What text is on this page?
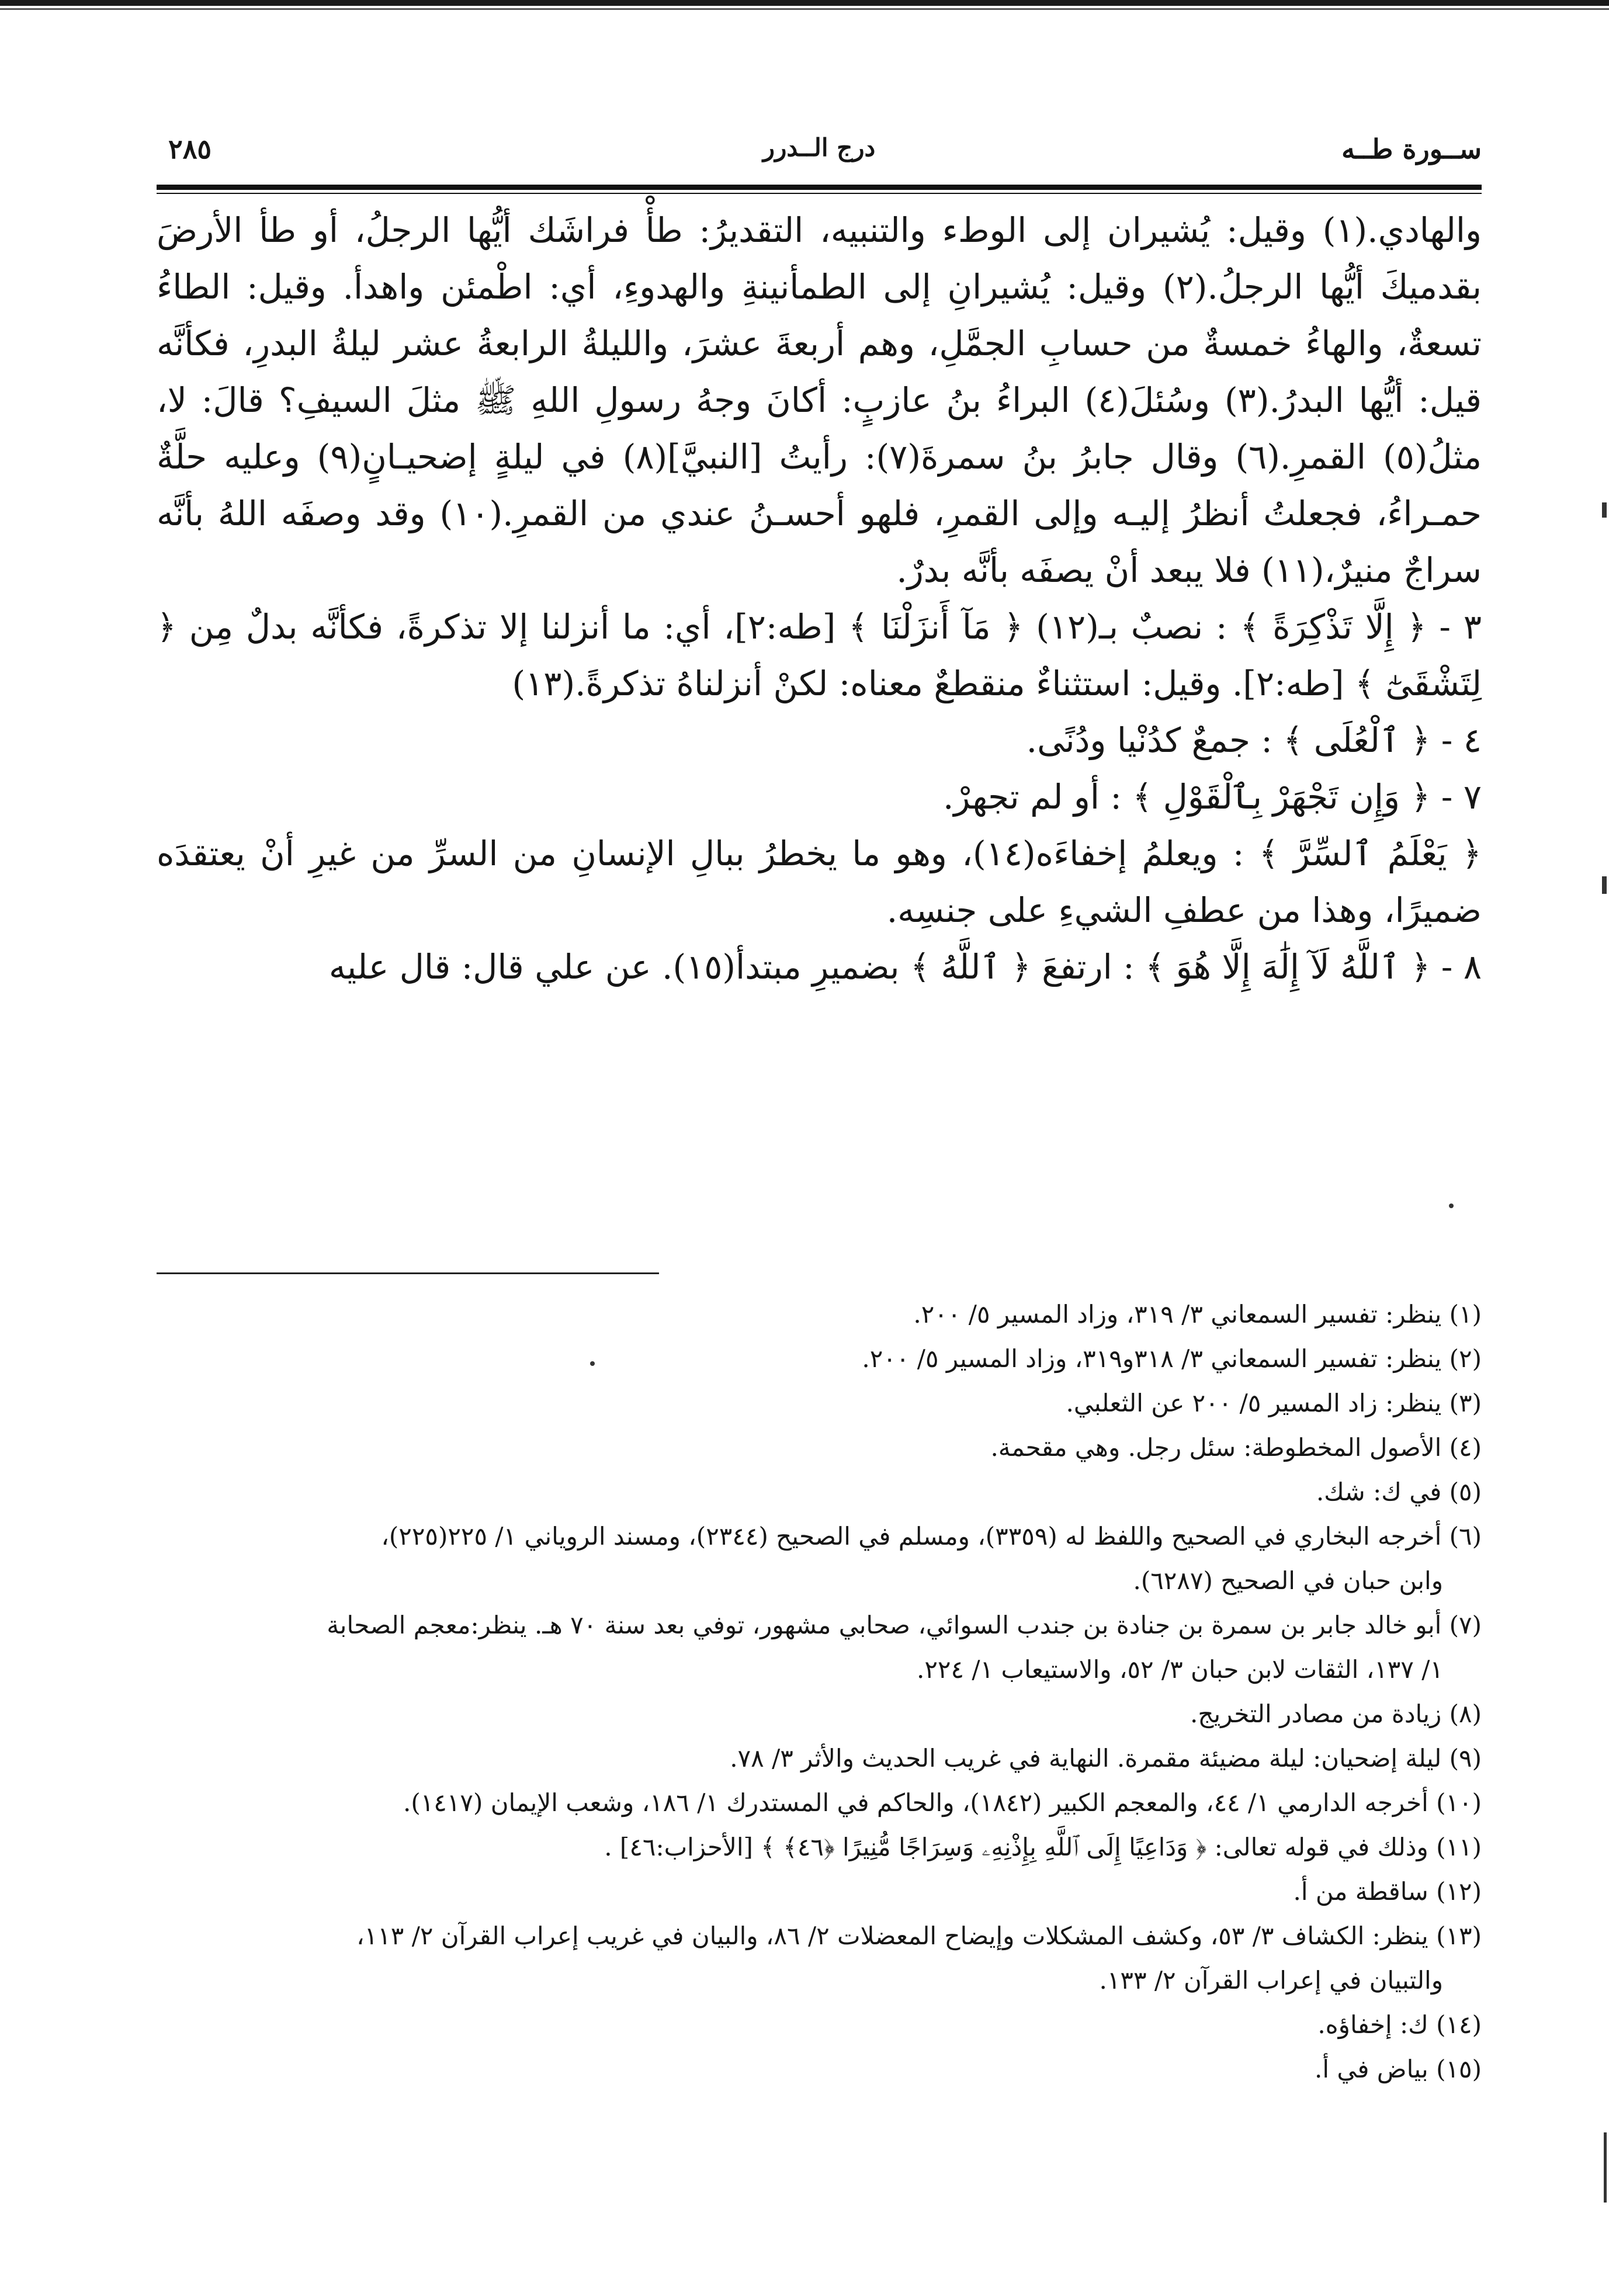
ســورة طــه
درج الــدرر
٢٨٥

والهادي.(١) وقيل: يُشيران إلى الوطء والتنبيه، التقديرُ: طأْ فراشَك أيُّها الرجلُ، أو طأ الأرضَ بقدميكَ أيُّها الرجلُ.(٢) وقيل: يُشيرانِ إلى الطمأنينةِ والهدوءِ، أي: اطْمئن واهدأ. وقيل: الطاءُ تسعةٌ، والهاءُ خمسةٌ من حسابِ الجمَّلِ، وهم أربعةَ عشرَ، والليلةُ الرابعةُ عشر ليلةُ البدرِ، فكأنَّه قيل: أيُّها البدرُ.(٣) وسُئلَ(٤) البراءُ بنُ عازبٍ: أكانَ وجهُ رسولِ اللهِ ﷺ مثلَ السيفِ؟ قالَ: لا، مثلُ(٥) القمرِ.(٦) وقال جابرُ بنُ سمرةَ(٧): رأيتُ [النبيَّ](٨) في ليلةٍ إضحيـانٍ(٩) وعليه حلَّةٌ حمـراءُ، فجعلتُ أنظرُ إليـه وإلى القمرِ، فلهو أحسـنُ عندي من القمرِ.(١٠) وقد وصفَه اللهُ بأنَّه سراجٌ منيرٌ،(١١) فلا يبعد أنْ يصفَه بأنَّه بدرٌ.

٣ - ﴿ إِلَّا تَذْكِرَةً ﴾ : نصبٌ بـ(١٢) ﴿ مَآ أَنزَلْنَا ﴾ [طه:٢]، أي: ما أنزلنا إلا تذكرةً، فكأنَّه بدلٌ مِن ﴿ لِتَشْقَىٰٓ ﴾ [طه:٢]. وقيل: استثناءٌ منقطعٌ معناه: لكنْ أنزلناهُ تذكرةً.(١٣)

٤ - ﴿ ٱلْعُلَى ﴾ : جمعٌ كدُنْيا ودُنًى.

٧ - ﴿ وَإِن تَجْهَرْ بِٱلْقَوْلِ ﴾ : أو لم تجهرْ.

﴿ يَعْلَمُ ٱلسِّرَّ ﴾ : ويعلمُ إخفاءَه(١٤)، وهو ما يخطرُ ببالِ الإنسانِ من السرِّ من غيرِ أنْ يعتقدَه ضميرًا، وهذا من عطفِ الشيءِ على جنسِه.

٨ - ﴿ ٱللَّهُ لَآ إِلَٰهَ إِلَّا هُوَ ﴾ : ارتفعَ ﴿ ٱللَّهُ ﴾ بضميرِ مبتدأ(١٥). عن علي قال: قال عليه

(١) ينظر: تفسير السمعاني ٣/ ٣١٩، وزاد المسير ٥/ ٢٠٠.

(٢) ينظر: تفسير السمعاني ٣/ ٣١٨و٣١٩، وزاد المسير ٥/ ٢٠٠.

(٣) ينظر: زاد المسير ٥/ ٢٠٠ عن الثعلبي.

(٤) الأصول المخطوطة: سئل رجل. وهي مقحمة.

(٥) في ك: شك.

(٦) أخرجه البخاري في الصحيح واللفظ له (٣٣٥٩)، ومسلم في الصحيح (٢٣٤٤)، ومسند الروياني ١/ ٢٢٥(٢٢٥)،

وابن حبان في الصحيح (٦٢٨٧).

(٧) أبو خالد جابر بن سمرة بن جنادة بن جندب السوائي، صحابي مشهور، توفي بعد سنة ٧٠ هـ. ينظر:معجم الصحابة

١/ ١٣٧، الثقات لابن حبان ٣/ ٥٢، والاستيعاب ١/ ٢٢٤.

(٨) زيادة من مصادر التخريج.

(٩) ليلة إضحيان: ليلة مضيئة مقمرة. النهاية في غريب الحديث والأثر ٣/ ٧٨.

(١٠) أخرجه الدارمي ١/ ٤٤، والمعجم الكبير (١٨٤٢)، والحاكم في المستدرك ١/ ١٨٦، وشعب الإيمان (١٤١٧).

(١١) وذلك في قوله تعالى: ﴿ وَدَاعِيًا إِلَى ٱللَّهِ بِإِذْنِهِۦ وَسِرَاجًا مُّنِيرًا ﴿٤٦﴾ ﴾ [الأحزاب:٤٦] .

(١٢) ساقطة من أ.

(١٣) ينظر: الكشاف ٣/ ٥٣، وكشف المشكلات وإيضاح المعضلات ٢/ ٨٦، والبيان في غريب إعراب القرآن ٢/ ١١٣،

والتبيان في إعراب القرآن ٢/ ١٣٣.

(١٤) ك: إخفاؤه.

(١٥) بياض في أ.
